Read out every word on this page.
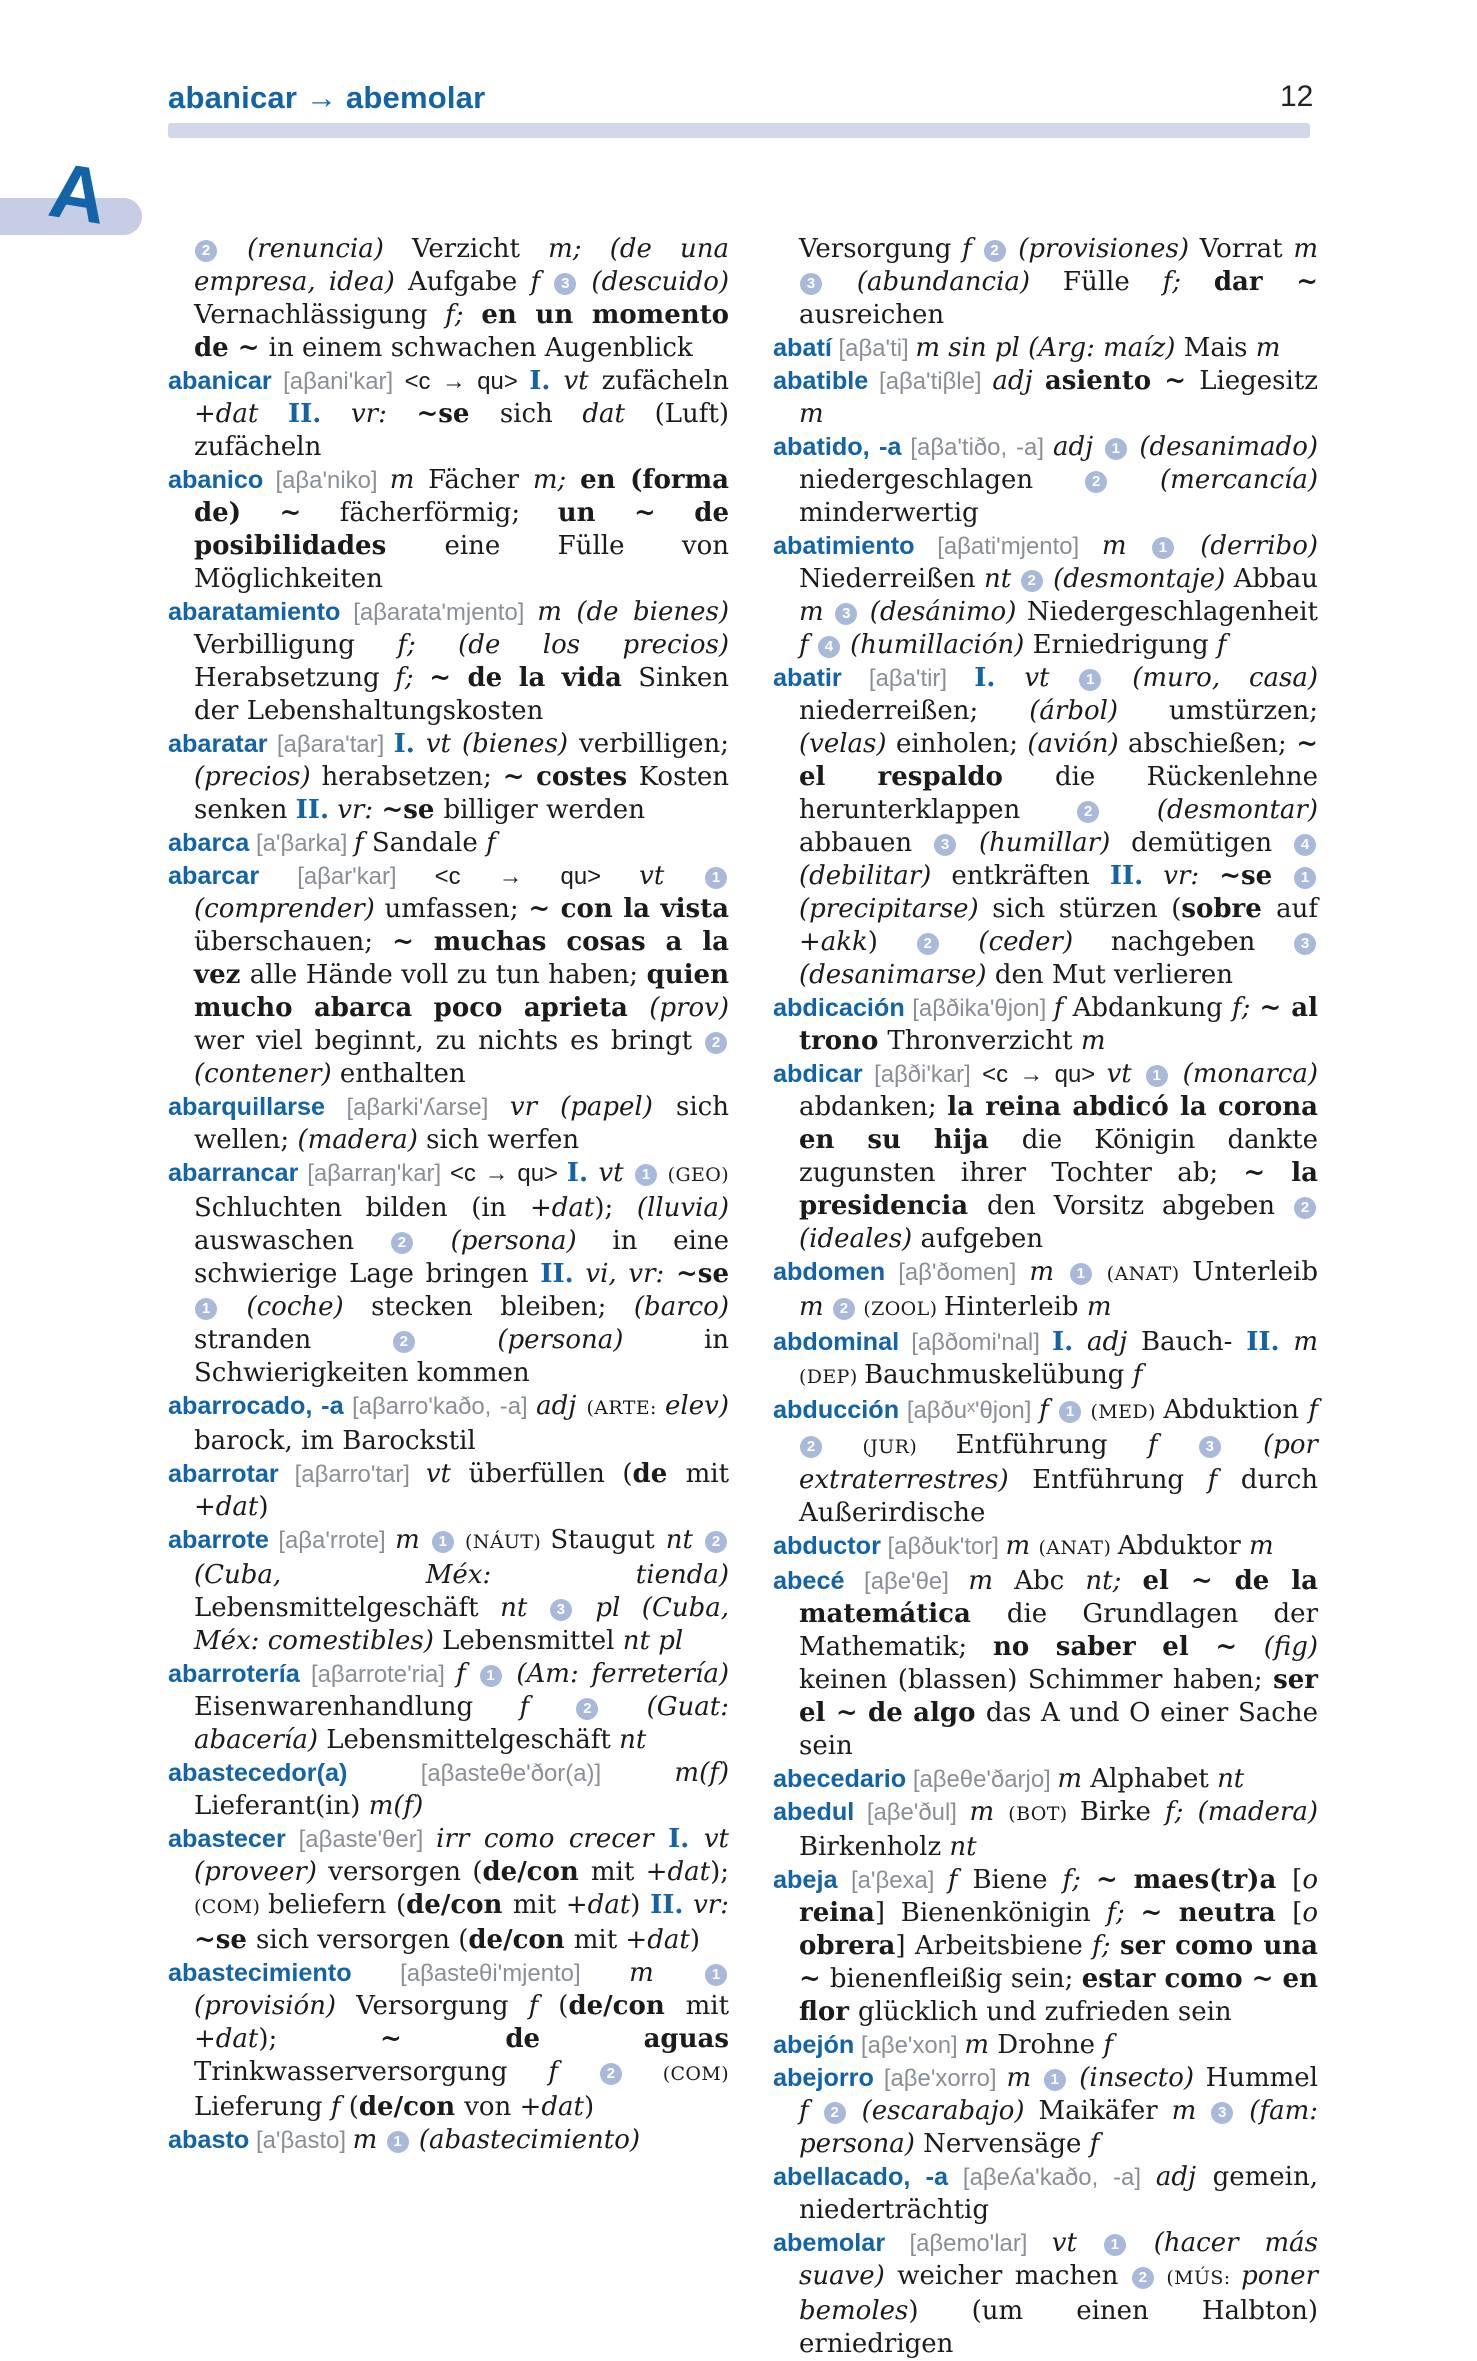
abanicar → abemolar	12
A

2 (renuncia) Verzicht m; (de una empresa, idea) Aufgabe f 3 (descuido) Vernachlässigung f; en un momento de ~ in einem schwachen Augenblick

abanicar [aβani'kar] <c → qu> I. vt zufächeln +dat II. vr: ~se sich dat (Luft) zufächeln

abanico [aβa'niko] m Fächer m; en (forma de) ~ fächerförmig; un ~ de posibilidades eine Fülle von Möglichkeiten

abaratamiento [aβarata'mjento] m (de bienes) Verbilligung f; (de los precios) Herabsetzung f; ~ de la vida Sinken der Lebenshaltungskosten

abaratar [aβara'tar] I. vt (bienes) verbilligen; (precios) herabsetzen; ~ costes Kosten senken II. vr: ~se billiger werden

abarca [a'βarka] f Sandale f

abarcar [aβar'kar] <c → qu> vt 1 (comprender) umfassen; ~ con la vista überschauen; ~ muchas cosas a la vez alle Hände voll zu tun haben; quien mucho abarca poco aprieta (prov) wer viel beginnt, zu nichts es bringt 2 (contener) enthalten

abarquillarse [aβarki'ʎarse] vr (papel) sich wellen; (madera) sich werfen

abarrancar [aβarraŋ'kar] <c → qu> I. vt 1 (GEO) Schluchten bilden (in +dat); (lluvia) auswaschen 2 (persona) in eine schwierige Lage bringen II. vi, vr: ~se 1 (coche) stecken bleiben; (barco) stranden 2 (persona) in Schwierigkeiten kommen

abarrocado, -a [aβarro'kaðo, -a] adj (ARTE: elev) barock, im Barockstil

abarrotar [aβarro'tar] vt überfüllen (de mit +dat)

abarrote [aβa'rrote] m 1 (NÁUT) Staugut nt 2 (Cuba, Méx: tienda) Lebensmittelgeschäft nt 3 pl (Cuba, Méx: comestibles) Lebensmittel nt pl

abarrotería [aβarrote'ria] f 1 (Am: ferretería) Eisenwarenhandlung f 2 (Guat: abacería) Lebensmittelgeschäft nt

abastecedor(a) [aβasteθe'ðor(a)] m(f) Lieferant(in) m(f)

abastecer [aβaste'θer] irr como crecer I. vt (proveer) versorgen (de/con mit +dat); (COM) beliefern (de/con mit +dat) II. vr: ~se sich versorgen (de/con mit +dat)

abastecimiento [aβasteθi'mjento] m 1 (provisión) Versorgung f (de/con mit +dat); ~ de aguas Trinkwasserversorgung f 2 (COM) Lieferung f (de/con von +dat)

abasto [a'βasto] m 1 (abastecimiento)

Versorgung f 2 (provisiones) Vorrat m 3 (abundancia) Fülle f; dar ~ ausreichen

abatí [aβa'ti] m sin pl (Arg: maíz) Mais m

abatible [aβa'tiβle] adj asiento ~ Liegesitz m

abatido, -a [aβa'tiðo, -a] adj 1 (desanimado) niedergeschlagen 2 (mercancía) minderwertig

abatimiento [aβati'mjento] m 1 (derribo) Niederreißen nt 2 (desmontaje) Abbau m 3 (desánimo) Niedergeschlagenheit f 4 (humillación) Erniedrigung f

abatir [aβa'tir] I. vt 1 (muro, casa) niederreißen; (árbol) umstürzen; (velas) einholen; (avión) abschießen; ~ el respaldo die Rückenlehne herunterklappen 2 (desmontar) abbauen 3 (humillar) demütigen 4 (debilitar) entkräften II. vr: ~se 1 (precipitarse) sich stürzen (sobre auf +akk) 2 (ceder) nachgeben 3 (desanimarse) den Mut verlieren

abdicación [aβðika'θjon] f Abdankung f; ~ al trono Thronverzicht m

abdicar [aβði'kar] <c → qu> vt 1 (monarca) abdanken; la reina abdicó la corona en su hija die Königin dankte zugunsten ihrer Tochter ab; ~ la presidencia den Vorsitz abgeben 2 (ideales) aufgeben

abdomen [aβ'ðomen] m 1 (ANAT) Unterleib m 2 (ZOOL) Hinterleib m

abdominal [aβðomi'nal] I. adj Bauch- II. m (DEP) Bauchmuskelübung f

abducción [aβðuˣ'θjon] f 1 (MED) Abduktion f 2 (JUR) Entführung f 3 (por extraterrestres) Entführung f durch Außerirdische

abductor [aβðuk'tor] m (ANAT) Abduktor m

abecé [aβe'θe] m Abc nt; el ~ de la matemática die Grundlagen der Mathematik; no saber el ~ (fig) keinen (blassen) Schimmer haben; ser el ~ de algo das A und O einer Sache sein

abecedario [aβeθe'ðarjo] m Alphabet nt

abedul [aβe'ðul] m (BOT) Birke f; (madera) Birkenholz nt

abeja [a'βexa] f Biene f; ~ maes(tr)a [o reina] Bienenkönigin f; ~ neutra [o obrera] Arbeitsbiene f; ser como una ~ bienenfleißig sein; estar como ~ en flor glücklich und zufrieden sein

abejón [aβe'xon] m Drohne f

abejorro [aβe'xorro] m 1 (insecto) Hummel f 2 (escarabajo) Maikäfer m 3 (fam: persona) Nervensäge f

abellacado, -a [aβeʎa'kaðo, -a] adj gemein, niederträchtig

abemolar [aβemo'lar] vt 1 (hacer más suave) weicher machen 2 (MÚS: poner bemoles) (um einen Halbton) erniedrigen
